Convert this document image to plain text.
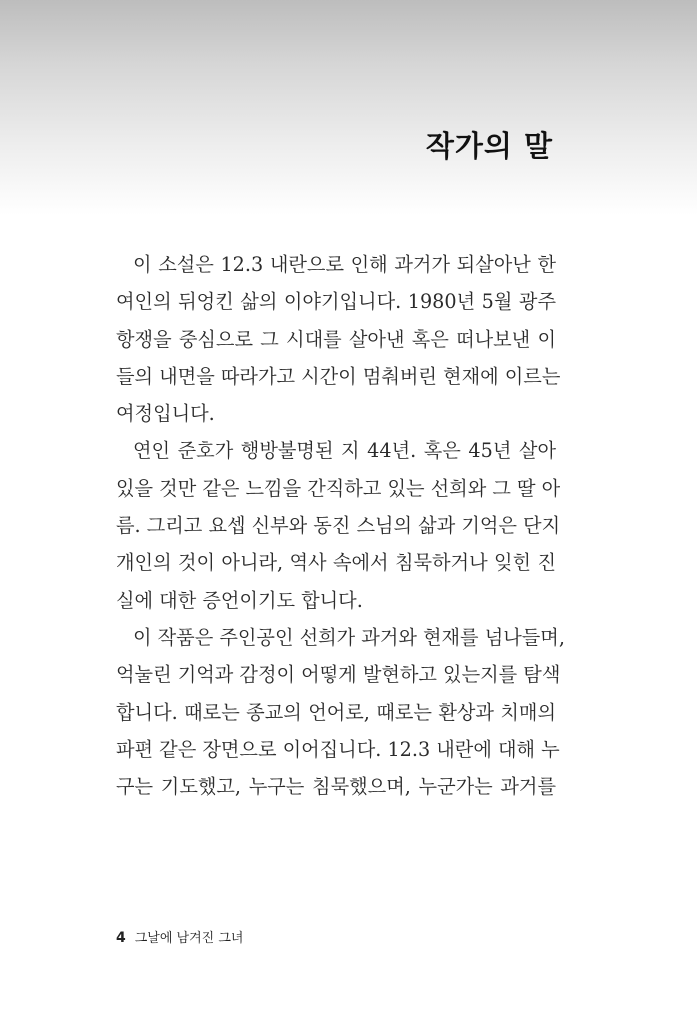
작가의 말
이 소설은 12.3 내란으로 인해 과거가 되살아난 한
여인의 뒤엉킨 삶의 이야기입니다. 1980년 5월 광주
항쟁을 중심으로 그 시대를 살아낸 혹은 떠나보낸 이
들의 내면을 따라가고 시간이 멈춰버린 현재에 이르는
여정입니다.
연인 준호가 행방불명된 지 44년. 혹은 45년 살아
있을 것만 같은 느낌을 간직하고 있는 선희와 그 딸 아
름. 그리고 요셉 신부와 동진 스님의 삶과 기억은 단지
개인의 것이 아니라, 역사 속에서 침묵하거나 잊힌 진
실에 대한 증언이기도 합니다.
이 작품은 주인공인 선희가 과거와 현재를 넘나들며,
억눌린 기억과 감정이 어떻게 발현하고 있는지를 탐색
합니다. 때로는 종교의 언어로, 때로는 환상과 치매의
파편 같은 장면으로 이어집니다. 12.3 내란에 대해 누
구는 기도했고, 누구는 침묵했으며, 누군가는 과거를
4 그날에 남겨진 그녀
